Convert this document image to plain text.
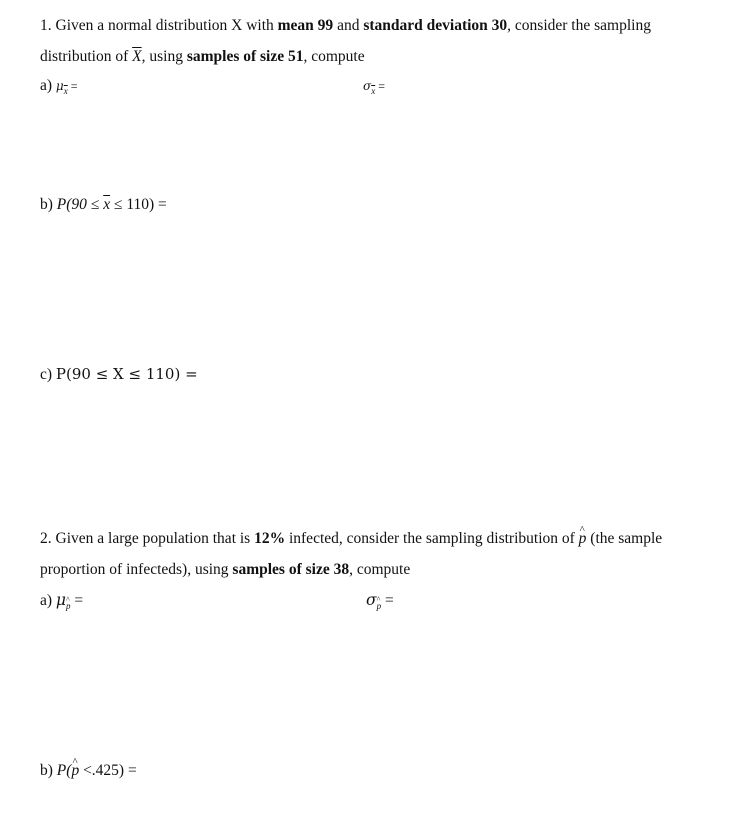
1. Given a normal distribution X with mean 99 and standard deviation 30, consider the sampling
distribution of $\overline{X}$, using samples of size 51, compute
a) $\mu_{\overline{x}}$ =	$\sigma_{\overline{x}}$ =
b) $P(90 \le \overline{x} \le 110)$ =
c) P(90 ≤ X ≤ 110) =
2. Given a large population that is 12% infected, consider the sampling distribution of ^ p (the sample
proportion of infecteds), using samples of size 38, compute
a) μ^ p =	σ^ p =
b) P(^ p <.425) =
